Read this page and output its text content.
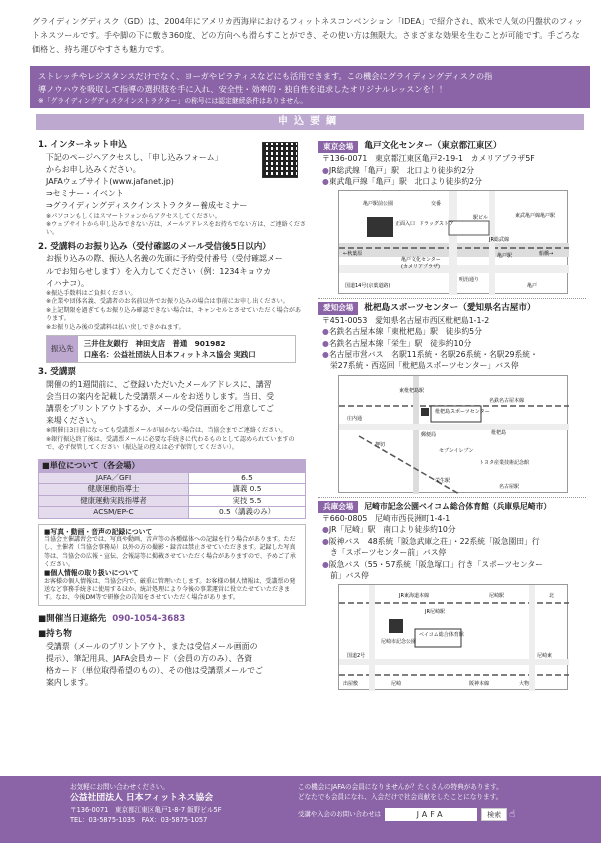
グライディングディスク（GD）は、2004年にアメリカ西海岸におけるフィットネスコンベンション「IDEA」で紹介され、欧米で人気の円盤状のフィットネスツールです。手や脚の下に敷き360度、どの方向へも滑らすことができ、その使い方は無限大。さまざまな効果を生むことが可能です。手ごろな価格と、持ち運びやすさも魅力です。

ストレッチやレジスタンスだけでなく、ヨーガやピラティスなどにも活用できます。この機会にグライディングディスクの指
導ノウハウを吸収して指導の選択肢を手に入れ、安全性・効率的・独自性を追求したオリジナルレッスンを！！
※「グライディングディスクインストラクター」の称号には認定継続条件はありません。
申込要綱
1. インターネット申込
下記のページへアクセスし、「申し込みフォーム」
からお申し込みください。
JAFAウェブサイト(www.jafanet.jp)
⇒セミナー・イベント
⇒グライディングディスクインストラクター養成セミナー
※パソコンもしくはスマートフォンからアクセスしてください。
※ウェブサイトから申し込みできない方は、メールアドレスをお持ちでない方は、ご連絡ください。
2. 受講料のお振り込み（受付確認のメール受信後5日以内）
お振り込みの際、振込人名義の先頭に予約受付番号（受付確認メー
ルでお知らせします）を入力してください（例：1234キョウカ
イハナコ）。
※振込手数料はご負担ください。
※企業や団体名義、受講者のお名前以外でお振り込みの場合は事前にお申し出ください。
※上記期限を過ぎてもお振り込み確認できない場合は、キャンセルとさせていただく場合があります。
※お振り込み後の受講料は払い戻しできかねます。
振込先
三井住友銀行　神田支店　普通　901982
口座名：公益社団法人日本フィットネス協会 実践口
3. 受講票
開催の約1週間前に、ご登録いただいたメールアドレスに、講習
会当日の案内を記載した受講票メールをお送りします。当日、受
講票をプリントアウトするか、メールの受信画面をご用意してご
来場ください。
※開催日3日前になっても受講票メールが届かない場合は、当協会までご連絡ください。
※銀行振込終了後は、受講票メールに必要な手続きに代わるものとして認められていますので、必ず保管してください（振込証の控えは必ず保管してください）。
■単位について（各会場）
JAFA／GFI	6.5
健康運動指導士	講義 0.5
健康運動実践指導者	実技 5.5
ACSM/EP-C	0.5（講義のみ）
■写真・動画・音声の記録について
当協会主催講習会では、写真や動画、音声等の各種媒体への記録を行う場合があります。ただし、主催者（当協会事務局）以外の方の撮影・録音は禁止させていただきます。記録した写真等は、当協会の広報・宣伝、会報誌等に掲載させていただく場合がありますので、予めご了承ください。
■個人情報の取り扱いについて
お客様の個人情報は、当協会内で、厳重に管理いたします。お客様の個人情報は、受講票の発送など事務手続きに使用するほか、統計処理により今後の事業運営に役立たせていただきます。なお、今後DM等で研修会の告知をさせていただく場合があります。
■開催当日連絡先 090-1054-3683
■持ち物
受講票（メールのプリントアウト、または受信メール画面の
提示）、筆記用具、JAFA会員カード（会員の方のみ）、各資
格カード（単位取得希望のもの）、その他は受講票メールでご
案内します。
東京会場	亀戸文化センター（東京都江東区）
〒136-0071　東京都江東区亀戸2-19-1　カメリアプラザ5F
●JR総武線「亀戸」駅　北口より徒歩約2分
●東武亀戸線「亀戸」駅　北口より徒歩約2分
亀戸駅前公園	交番
正面入口 ドラッグストア
駅ビル	東武亀戸線亀戸駅
JR総武線
亀戸駅
←秋葉原
亀戸文化センター
(カメリアプラザ)
船橋→
国道14号(京葉道路)
明治通り
亀戸
愛知会場	枇杷島スポーツセンター（愛知県名古屋市）
〒451-0053　愛知県名古屋市西区枇杷島1-1-2
●名鉄名古屋本線「東枇杷島」駅　徒歩約5分
●名鉄名古屋本線「栄生」駅　徒歩約10分
●名古屋市営バス　名駅11系統・名駅26系統・名駅29系統・
栄27系統・西巡回「枇杷島スポーツセンター」バス停
枇杷島スポーツセンター
東枇杷島駅
名鉄名古屋本線
郵便局	枇杷島
セブンイレブン
トヨタ産業技術記念館
栄生駅
名古屋駅
押切
庄内通
兵庫会場	尼崎市記念公園ベイコム総合体育館（兵庫県尼崎市）
〒660-0805　尼崎市西長洲町1-4-1
●JR「尼崎」駅　南口より徒歩約10分
●阪神バス　48系統「阪急武庫之荘」・22系統「阪急園田」行
き「スポーツセンター前」バス停
●阪急バス（55・57系統「阪急塚口」行き「スポーツセンター
前」バス停
JR東海道本線	尼崎駅	北
JR尼崎駅
尼崎市記念公園
ベイコム総合体育館
国道2号	尼崎東
阪神本線
尼崎	大物
出屋敷
お気軽にお問い合わせください。
公益社団法人 日本フィットネス協会
〒136-0071　東京都江東区亀戸1-8-7 飯野ビル5F
TEL：03-5875-1035　FAX：03-5875-1057
この機会にJAFAの会員になりませんか？たくさんの特典があります。
どなたでも会員になれ、入会だけで社会貢献をしたことになります。
受講や入会のお問い合わせは	JAFA	検索 ☝
